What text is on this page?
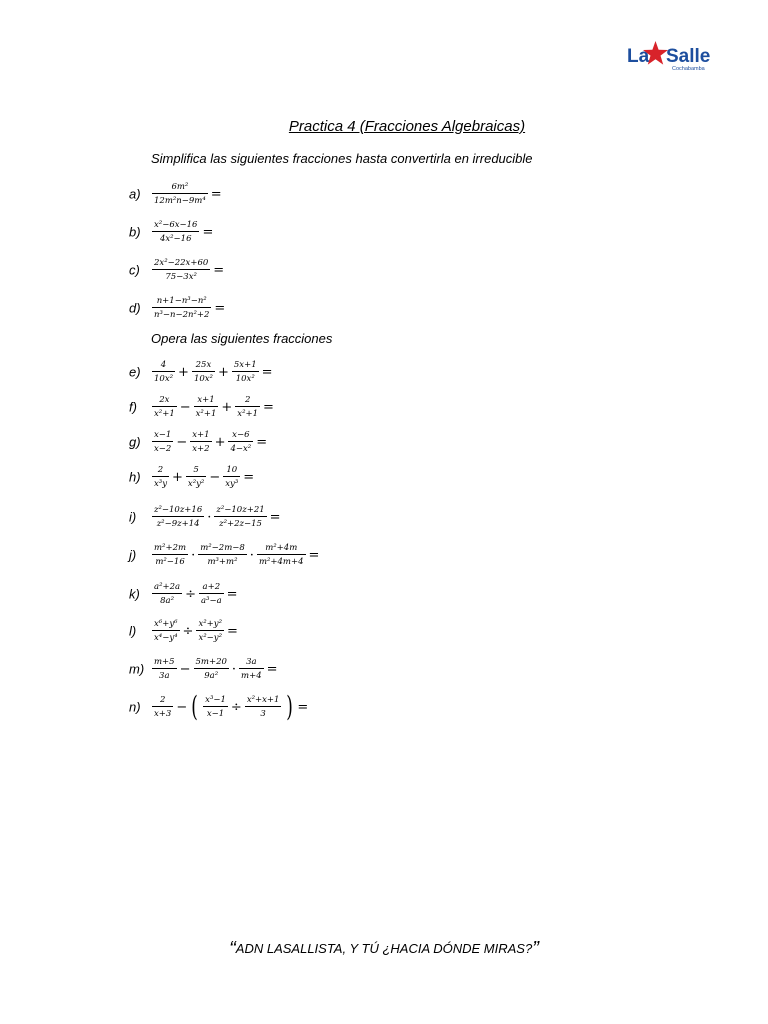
La Salle
Cochabamba
Practica 4 (Fracciones Algebraicas)
Simplifica las siguientes fracciones hasta convertirla en irreducible
$a) \frac{\text{6m²}}{\text{12m²n−9m⁴}}$ =
$b) \frac{\text{x²−6x−16}}{\text{4x²−16}}$ =
$c) \frac{\text{2x²−22x+60}}{\text{75−3x²}}$ =
$d) \frac{\text{n+1−n³−n²}}{\text{n³−n−2n²+2}}$ =
Opera las siguientes fracciones
$e) \frac{4}{\text{10x²}} + \frac{25x}{\text{10x²}} + \frac{5x+1}{\text{10x²}}$ =
$f) \frac{2x}{\text{x²+1}} - \frac{x+1}{\text{x²+1}} + \frac{2}{\text{x²+1}}$ =
$g) \frac{x-1}{x-2} - \frac{x+1}{x+2} + \frac{x-6}{\text{4−x²}}$ =
$h) \frac{2}{\text{x³y}} + \frac{5}{\text{x²y²}} - \frac{10}{\text{xy³}}$ =
$i) \frac{\text{z²−10z+16}}{\text{z²−9z+14}} \cdot \frac{\text{z²−10z+21}}{\text{z²+2z−15}}$ =
$j) \frac{\text{m²+2m}}{\text{m²−16}} \cdot \frac{\text{m²−2m−8}}{\text{m³+m²}} \cdot \frac{\text{m²+4m}}{\text{m²+4m+4}}$ =
$k) \frac{\text{a²+2a}}{\text{8a²}} \div \frac{a+2}{\text{a³−a}}$ =
$l) \frac{\text{x⁶+y⁶}}{\text{x⁴−y⁴}} \div \frac{\text{x²+y²}}{\text{x²−y²}}$ =
$m) \frac{m+5}{3a} - \frac{5m+20}{\text{9a²}} \cdot \frac{3a}{m+4}$ =
$n) \frac{2}{x+3}$ − ( $\frac{\text{x³−1}}{x-1} \div \frac{\text{x²+x+1}}{3}$ ) =
“ADN LASALLISTA, Y TÚ ¿HACIA DÓNDE MIRAS?”
